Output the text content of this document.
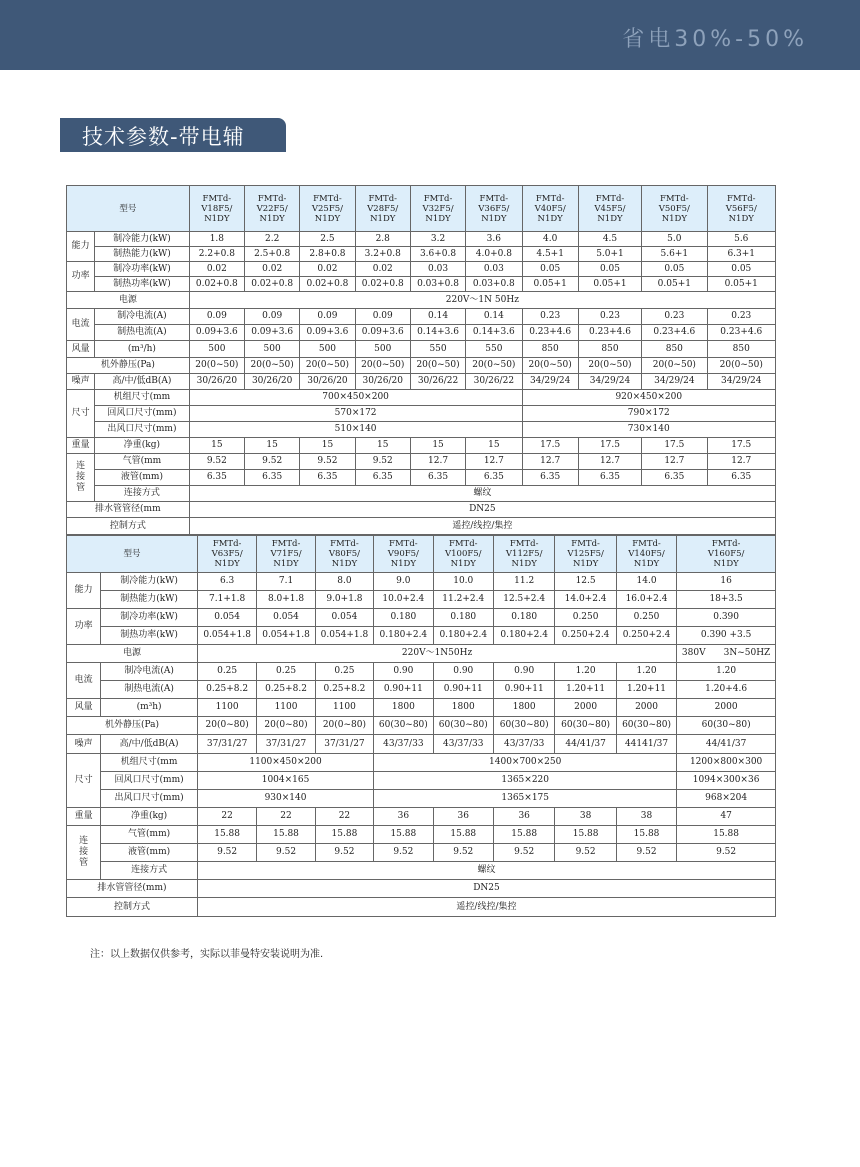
省电30%-50%
技术参数-带电辅
型号		FMTd-
V18F5/
N1DY	FMTd-
V22F5/
N1DY	FMTd-
V25F5/
N1DY	FMTd-
V28F5/
N1DY	FMTd-
V32F5/
N1DY	FMTd-
V36F5/
N1DY	FMTd-
V40F5/
N1DY	FMTd-
V45F5/
N1DY	FMTd-
V50F5/
N1DY	FMTd-
V56F5/
N1DY
能力	制冷能力(kW)	1.8	2.2	2.5	2.8	3.2	3.6	4.0	4.5	5.0	5.6
	制热能力(kW)	2.2+0.8	2.5+0.8	2.8+0.8	3.2+0.8	3.6+0.8	4.0+0.8	4.5+1	5.0+1	5.6+1	6.3+1
功率	制冷功率(kW)	0.02	0.02	0.02	0.02	0.03	0.03	0.05	0.05	0.05	0.05
	制热功率(kW)	0.02+0.8	0.02+0.8	0.02+0.8	0.02+0.8	0.03+0.8	0.03+0.8	0.05+1	0.05+1	0.05+1	0.05+1
电源		220V～1N 50Hz									
电流	制冷电流(A)	0.09	0.09	0.09	0.09	0.14	0.14	0.23	0.23	0.23	0.23
	制热电流(A)	0.09+3.6	0.09+3.6	0.09+3.6	0.09+3.6	0.14+3.6	0.14+3.6	0.23+4.6	0.23+4.6	0.23+4.6	0.23+4.6
风量	(m³/h)	500	500	500	500	550	550	850	850	850	850
机外静压(Pa)		20(0~50)	20(0~50)	20(0~50)	20(0~50)	20(0~50)	20(0~50)	20(0~50)	20(0~50)	20(0~50)	20(0~50)
噪声	高/中/低dB(A)	30/26/20	30/26/20	30/26/20	30/26/20	30/26/22	30/26/22	34/29/24	34/29/24	34/29/24	34/29/24
尺寸	机组尺寸(mm	700×450×200						920×450×200			
	回风口尺寸(mm)	570×172						790×172			
	出风口尺寸(mm)	510×140						730×140			
重量	净重(kg)	15	15	15	15	15	15	17.5	17.5	17.5	17.5
连
接
管	气管(mm	9.52	9.52	9.52	9.52	12.7	12.7	12.7	12.7	12.7	12.7
	液管(mm)	6.35	6.35	6.35	6.35	6.35	6.35	6.35	6.35	6.35	6.35
	连接方式	螺纹									
排水管管径(mm		DN25									
控制方式		遥控/线控/集控									
型号		FMTd-
V63F5/
N1DY	FMTd-
V71F5/
N1DY	FMTd-
V80F5/
N1DY	FMTd-
V90F5/
N1DY	FMTd-
V100F5/
N1DY	FMTd-
V112F5/
N1DY	FMTd-
V125F5/
N1DY	FMTd-
V140F5/
N1DY	FMTd-
V160F5/
N1DY
能力	制冷能力(kW)	6.3	7.1	8.0	9.0	10.0	11.2	12.5	14.0	16
	制热能力(kW)	7.1+1.8	8.0+1.8	9.0+1.8	10.0+2.4	11.2+2.4	12.5+2.4	14.0+2.4	16.0+2.4	18+3.5
功率	制冷功率(kW)	0.054	0.054	0.054	0.180	0.180	0.180	0.250	0.250	0.390
	制热功率(kW)	0.054+1.8	0.054+1.8	0.054+1.8	0.180+2.4	0.180+2.4	0.180+2.4	0.250+2.4	0.250+2.4	0.390 +3.5
电源		220V～1N50Hz								380V　　3N~50HZ
电流	制冷电流(A)	0.25	0.25	0.25	0.90	0.90	0.90	1.20	1.20	1.20
	制热电流(A)	0.25+8.2	0.25+8.2	0.25+8.2	0.90+11	0.90+11	0.90+11	1.20+11	1.20+11	1.20+4.6
风量	(m³h)	1100	1100	1100	1800	1800	1800	2000	2000	2000
机外静压(Pa)		20(0~80)	20(0~80)	20(0~80)	60(30~80)	60(30~80)	60(30~80)	60(30~80)	60(30~80)	60(30~80)
噪声	高/中/低dB(A)	37/31/27	37/31/27	37/31/27	43/37/33	43/37/33	43/37/33	44/41/37	44141/37	44/41/37
尺寸	机组尺寸(mm	1100×450×200			1400×700×250					1200×800×300
	回风口尺寸(mm)	1004×165			1365×220					1094×300×36
	出风口尺寸(mm)	930×140			1365×175					968×204
重量	净重(kg)	22	22	22	36	36	36	38	38	47
连
接
管	气管(mm)	15.88	15.88	15.88	15.88	15.88	15.88	15.88	15.88	15.88
	液管(mm)	9.52	9.52	9.52	9.52	9.52	9.52	9.52	9.52	9.52
	连接方式	螺纹								
排水管管径(mm)		DN25								
控制方式		遥控/线控/集控								
注：以上数据仅供参考，实际以菲曼特安装说明为准.
